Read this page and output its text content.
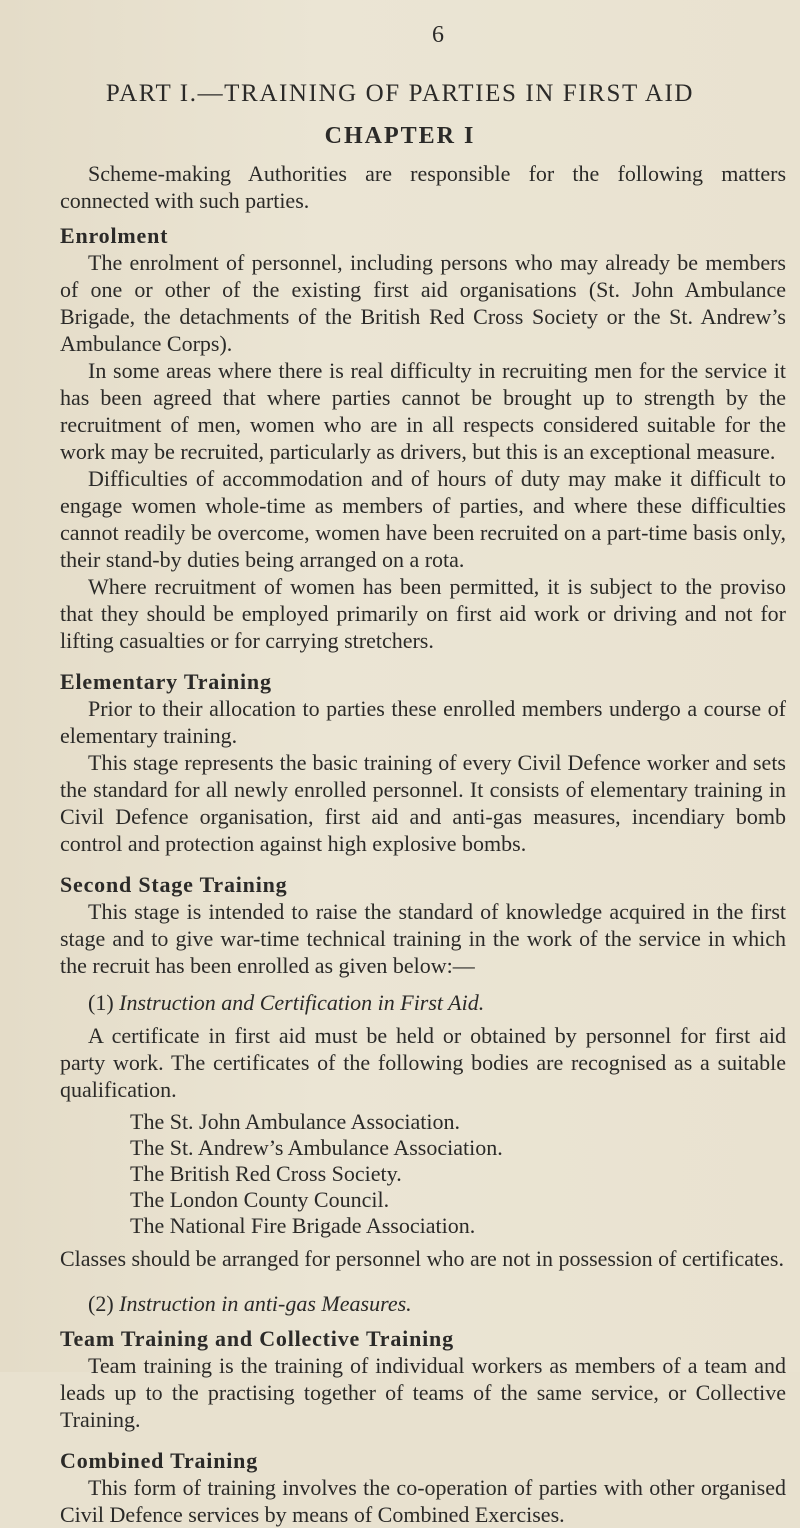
6
PART I.—TRAINING OF PARTIES IN FIRST AID
CHAPTER I

Scheme-making Authorities are responsible for the following matters connected with such parties.

Enrolment

The enrolment of personnel, including persons who may already be members of one or other of the existing first aid organisations (St. John Ambulance Brigade, the detachments of the British Red Cross Society or the St. Andrew’s Ambulance Corps).

In some areas where there is real difficulty in recruiting men for the service it has been agreed that where parties cannot be brought up to strength by the recruitment of men, women who are in all respects considered suitable for the work may be recruited, particularly as drivers, but this is an exceptional measure.

Difficulties of accommodation and of hours of duty may make it difficult to engage women whole-time as members of parties, and where these difficulties cannot readily be overcome, women have been recruited on a part-time basis only, their stand-by duties being arranged on a rota.

Where recruitment of women has been permitted, it is subject to the proviso that they should be employed primarily on first aid work or driving and not for lifting casualties or for carrying stretchers.

Elementary Training

Prior to their allocation to parties these enrolled members undergo a course of elementary training.

This stage represents the basic training of every Civil Defence worker and sets the standard for all newly enrolled personnel. It consists of elementary training in Civil Defence organisation, first aid and anti-gas measures, incendiary bomb control and protection against high explosive bombs.

Second Stage Training

This stage is intended to raise the standard of knowledge acquired in the first stage and to give war-time technical training in the work of the service in which the recruit has been enrolled as given below:—

(1) Instruction and Certification in First Aid.

A certificate in first aid must be held or obtained by personnel for first aid party work. The certificates of the following bodies are recognised as a suitable qualification.

The St. John Ambulance Association.
The St. Andrew’s Ambulance Association.
The British Red Cross Society.
The London County Council.
The National Fire Brigade Association.

Classes should be arranged for personnel who are not in possession of certificates.

(2) Instruction in anti-gas Measures.
Team Training and Collective Training

Team training is the training of individual workers as members of a team and leads up to the practising together of teams of the same service, or Collective Training.

Combined Training

This form of training involves the co-operation of parties with other organised Civil Defence services by means of Combined Exercises.
